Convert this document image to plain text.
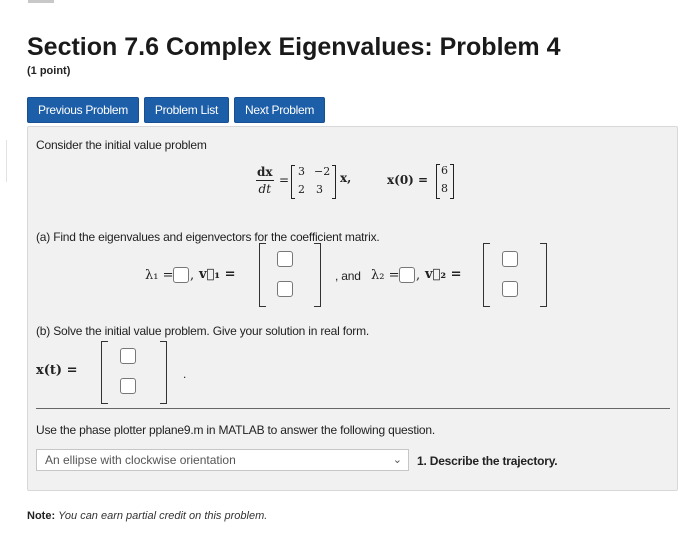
Section 7.6 Complex Eigenvalues: Problem 4
(1 point)
Previous Problem	Problem List	Next Problem
Consider the initial value problem
dx
dt
=
3 −2
2 3
x,	x(0) =
6
8
(a) Find the eigenvalues and eigenvectors for the coefficient matrix.
λ₁ = , v⃗₁ =	, and λ₂ = , v⃗₂ =
(b) Solve the initial value problem. Give your solution in real form.
x(t) =	.
Use the phase plotter pplane9.m in MATLAB to answer the following question.
An ellipse with clockwise orientation	⌄ 1. Describe the trajectory.
Note: You can earn partial credit on this problem.
